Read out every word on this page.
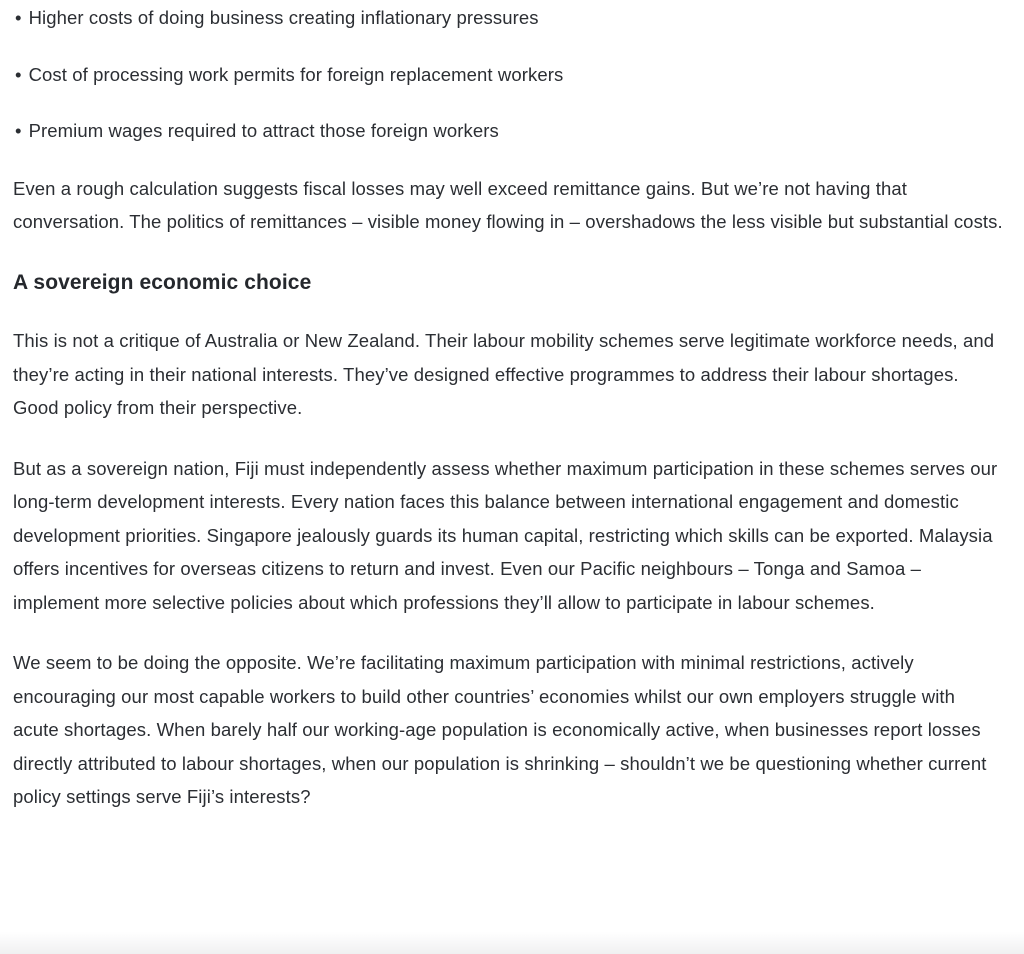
• Higher costs of doing business creating inflationary pressures
• Cost of processing work permits for foreign replacement workers
• Premium wages required to attract those foreign workers

Even a rough calculation suggests fiscal losses may well exceed remittance gains. But we’re not having that conversation. The politics of remittances – visible money flowing in – overshadows the less visible but substantial costs.

A sovereign economic choice

This is not a critique of Australia or New Zealand. Their labour mobility schemes serve legitimate workforce needs, and they’re acting in their national interests. They’ve designed effective programmes to address their labour shortages. Good policy from their perspective.

But as a sovereign nation, Fiji must independently assess whether maximum participation in these schemes serves our long-term development interests. Every nation faces this balance between international engagement and domestic development priorities. Singapore jealously guards its human capital, restricting which skills can be exported. Malaysia offers incentives for overseas citizens to return and invest. Even our Pacific neighbours – Tonga and Samoa – implement more selective policies about which professions they’ll allow to participate in labour schemes.

We seem to be doing the opposite. We’re facilitating maximum participation with minimal restrictions, actively encouraging our most capable workers to build other countries’ economies whilst our own employers struggle with acute shortages. When barely half our working-age population is economically active, when businesses report losses directly attributed to labour shortages, when our population is shrinking – shouldn’t we be questioning whether current policy settings serve Fiji’s interests?
